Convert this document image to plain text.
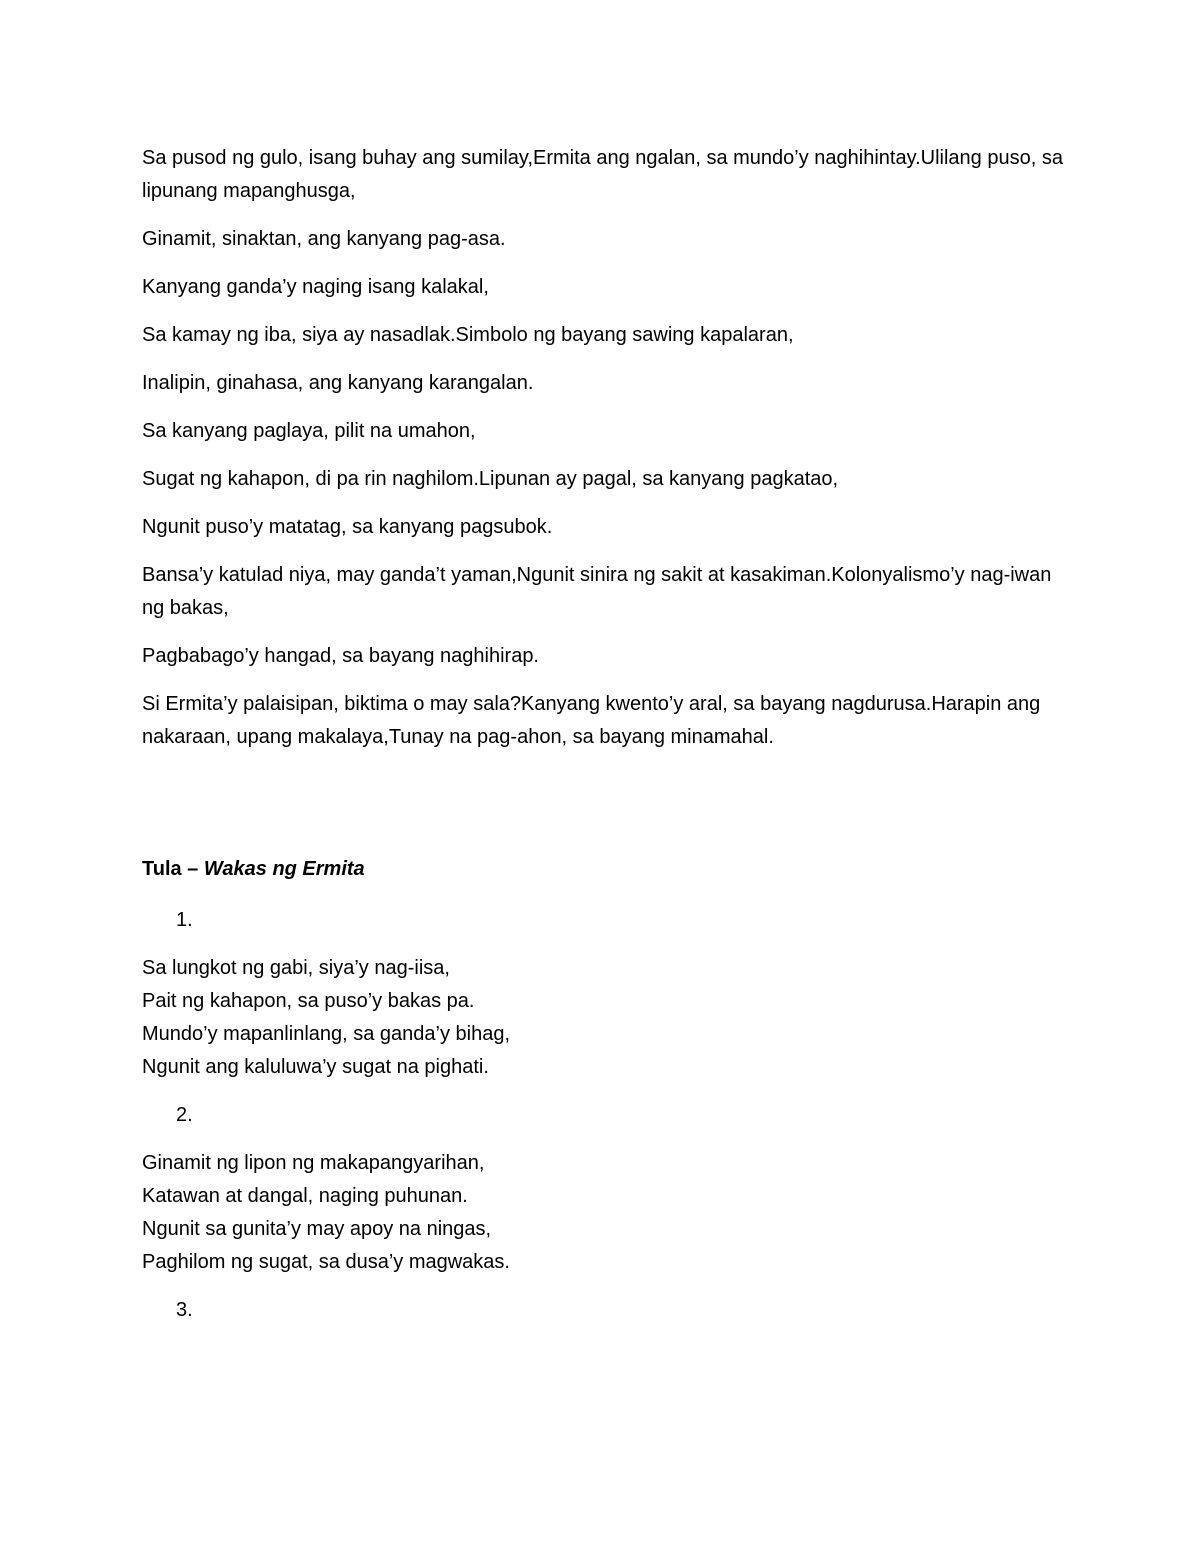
Sa pusod ng gulo, isang buhay ang sumilay,Ermita ang ngalan, sa mundo’y naghihintay.Ulilang puso, sa lipunang mapanghusga,
Ginamit, sinaktan, ang kanyang pag-asa.
Kanyang ganda’y naging isang kalakal,
Sa kamay ng iba, siya ay nasadlak.Simbolo ng bayang sawing kapalaran,
Inalipin, ginahasa, ang kanyang karangalan.
Sa kanyang paglaya, pilit na umahon,
Sugat ng kahapon, di pa rin naghilom.Lipunan ay pagal, sa kanyang pagkatao,
Ngunit puso’y matatag, sa kanyang pagsubok.
Bansa’y katulad niya, may ganda’t yaman,Ngunit sinira ng sakit at kasakiman.Kolonyalismo’y nag-iwan ng bakas,
Pagbabago’y hangad, sa bayang naghihirap.
Si Ermita’y palaisipan, biktima o may sala?Kanyang kwento’y aral, sa bayang nagdurusa.Harapin ang nakaraan, upang makalaya,Tunay na pag-ahon, sa bayang minamahal.
Tula – Wakas ng Ermita
1.
Sa lungkot ng gabi, siya’y nag-iisa,
Pait ng kahapon, sa puso’y bakas pa.
Mundo’y mapanlinlang, sa ganda’y bihag,
Ngunit ang kaluluwa’y sugat na pighati.
2.
Ginamit ng lipon ng makapangyarihan,
Katawan at dangal, naging puhunan.
Ngunit sa gunita’y may apoy na ningas,
Paghilom ng sugat, sa dusa’y magwakas.
3.
